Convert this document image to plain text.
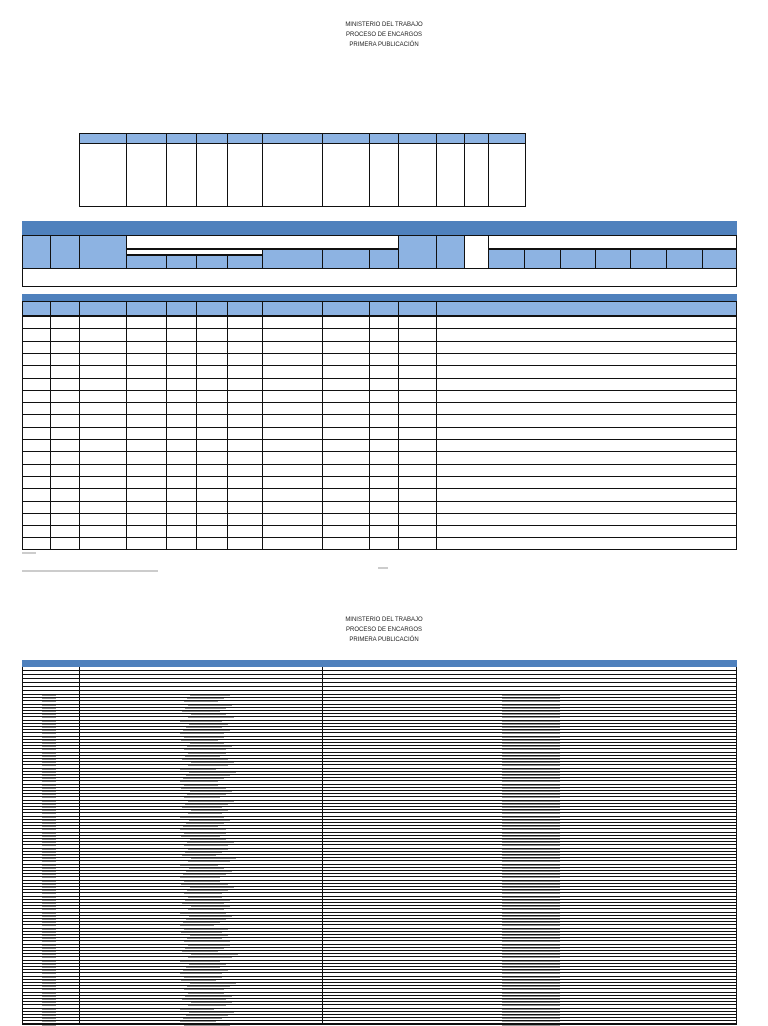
MINISTERIO DEL TRABAJO
PROCESO DE ENCARGOS
PRIMERA PUBLICACIÓN
MINISTERIO DEL TRABAJO
PROCESO DE ENCARGOS
PRIMERA PUBLICACIÓN
